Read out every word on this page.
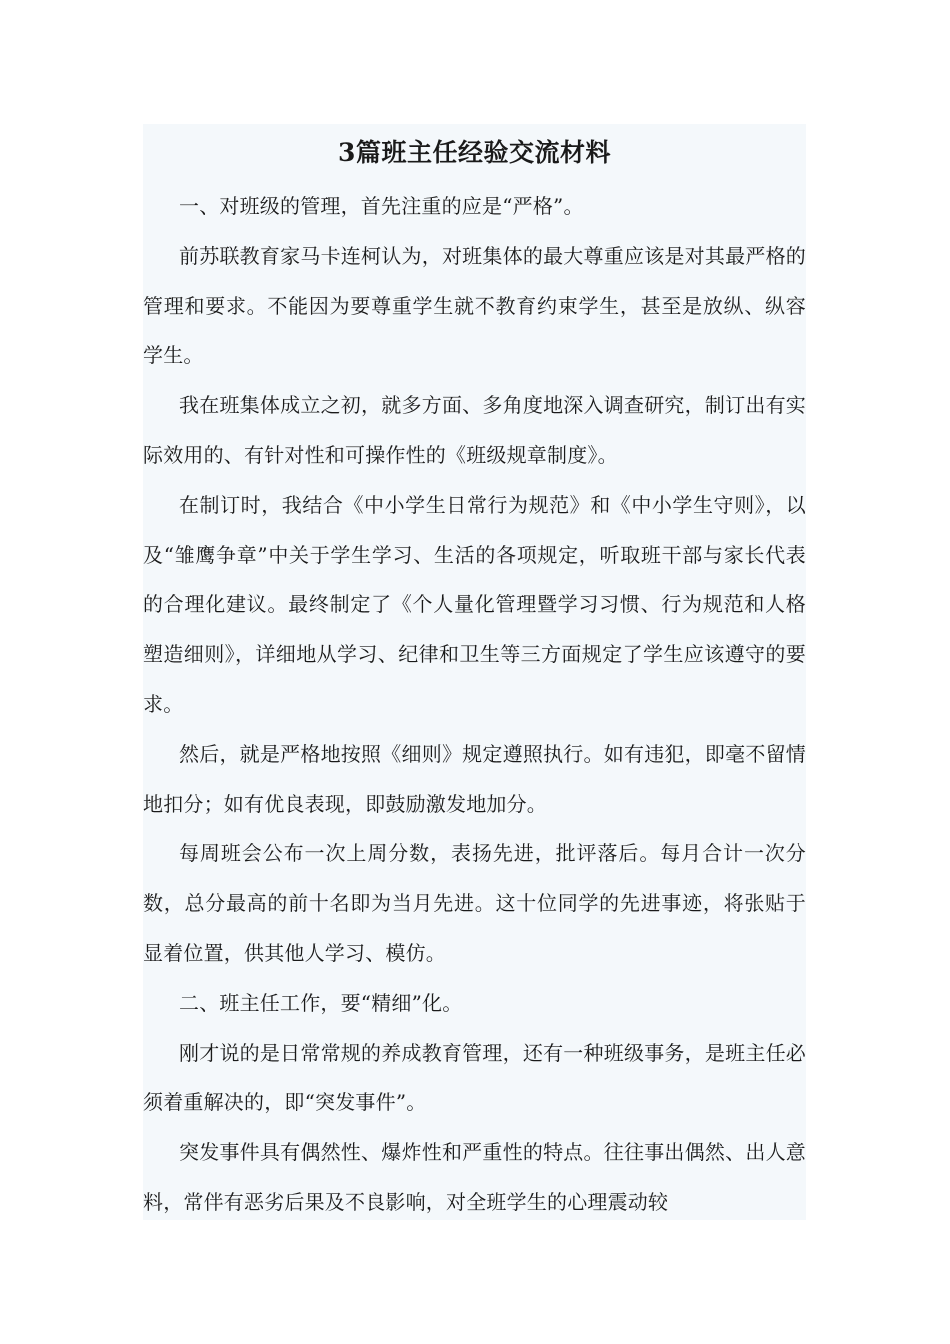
3篇班主任经验交流材料

一、对班级的管理，首先注重的应是“严格”。

前苏联教育家马卡连柯认为，对班集体的最大尊重应该是对其最严格的管理和要求。不能因为要尊重学生就不教育约束学生，甚至是放纵、纵容学生。

我在班集体成立之初，就多方面、多角度地深入调查研究，制订出有实际效用的、有针对性和可操作性的《班级规章制度》。

在制订时，我结合《中小学生日常行为规范》和《中小学生守则》，以及“雏鹰争章”中关于学生学习、生活的各项规定，听取班干部与家长代表的合理化建议。最终制定了《个人量化管理暨学习习惯、行为规范和人格塑造细则》，详细地从学习、纪律和卫生等三方面规定了学生应该遵守的要求。

然后，就是严格地按照《细则》规定遵照执行。如有违犯，即毫不留情地扣分；如有优良表现，即鼓励激发地加分。

每周班会公布一次上周分数，表扬先进，批评落后。每月合计一次分数，总分最高的前十名即为当月先进。这十位同学的先进事迹，将张贴于显着位置，供其他人学习、模仿。

二、班主任工作，要“精细”化。

刚才说的是日常常规的养成教育管理，还有一种班级事务，是班主任必须着重解决的，即“突发事件”。

突发事件具有偶然性、爆炸性和严重性的特点。往往事出偶然、出人意料，常伴有恶劣后果及不良影响，对全班学生的心理震动较
